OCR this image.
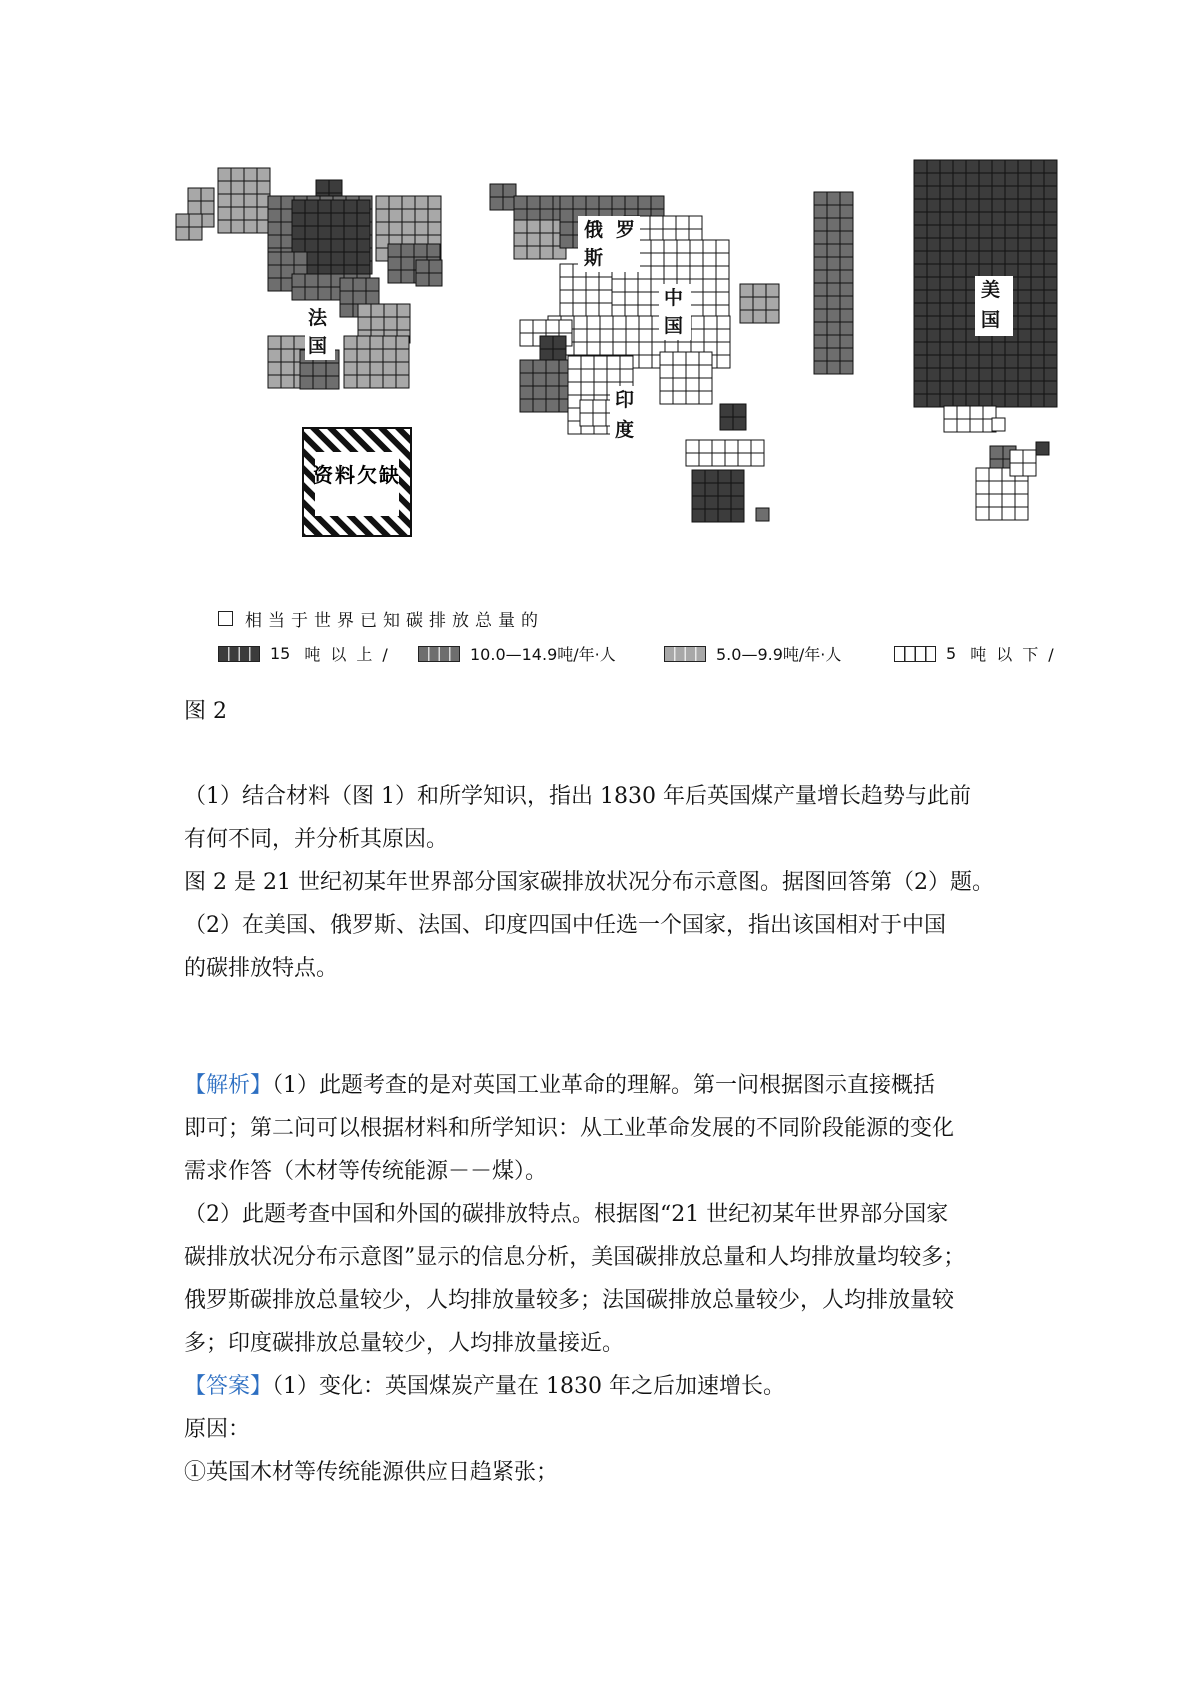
资料欠缺
法
国
俄 罗
斯
中
国
印
度
美
国
相当于世界已知碳排放总量的
15 吨以上/	10.0—14.9吨/年·人	5.0—9.9吨/年·人	5 吨以下/
图 2
（1）结合材料（图 1）和所学知识，指出 1830 年后英国煤产量增长趋势与此前
有何不同，并分析其原因。
图 2 是 21 世纪初某年世界部分国家碳排放状况分布示意图。据图回答第（2）题。
（2）在美国、俄罗斯、法国、印度四国中任选一个国家，指出该国相对于中国
的碳排放特点。
【解析】（1）此题考查的是对英国工业革命的理解。第一问根据图示直接概括
即可；第二问可以根据材料和所学知识：从工业革命发展的不同阶段能源的变化
需求作答（木材等传统能源－－煤）。
（2）此题考查中国和外国的碳排放特点。根据图“21 世纪初某年世界部分国家
碳排放状况分布示意图”显示的信息分析，美国碳排放总量和人均排放量均较多；
俄罗斯碳排放总量较少，人均排放量较多；法国碳排放总量较少，人均排放量较
多；印度碳排放总量较少，人均排放量接近。
【答案】（1）变化：英国煤炭产量在 1830 年之后加速增长。
原因：
①英国木材等传统能源供应日趋紧张；
